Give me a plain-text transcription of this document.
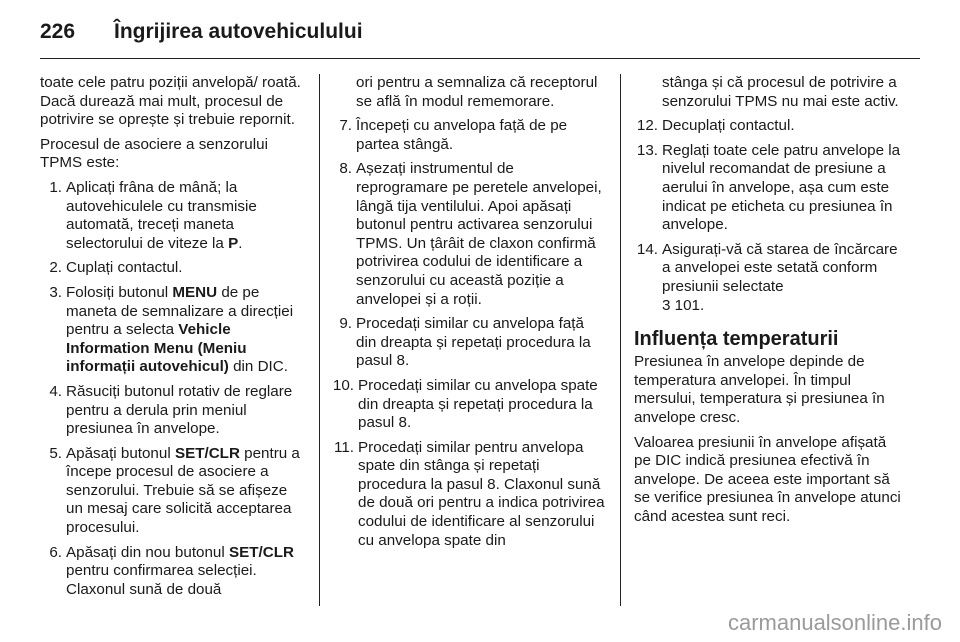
226 Îngrijirea autovehiculului

toate cele patru poziții anvelopă/ roată. Dacă durează mai mult, procesul de potrivire se oprește și trebuie repornit.

Procesul de asociere a senzorului TPMS este:

1. Aplicați frâna de mână; la autovehiculele cu transmisie automată, treceți maneta selectorului de viteze la P.
2. Cuplați contactul.
3. Folosiți butonul MENU de pe maneta de semnalizare a direcției pentru a selecta Vehicle Information Menu (Meniu informații autovehicul) din DIC.
4. Răsuciți butonul rotativ de reglare pentru a derula prin meniul presiunea în anvelope.
5. Apăsați butonul SET/CLR pentru a începe procesul de asociere a senzorului. Trebuie să se afișeze un mesaj care solicită acceptarea procesului.
6. Apăsați din nou butonul SET/CLR pentru confirmarea selecției. Claxonul sună de două

ori pentru a semnaliza că receptorul se află în modul rememorare.

7. Începeți cu anvelopa față de pe partea stângă.
8. Așezați instrumentul de reprogramare pe peretele anvelopei, lângă tija ventilului. Apoi apăsați butonul pentru activarea senzorului TPMS. Un țârâit de claxon confirmă potrivirea codului de identificare a senzorului cu această poziție a anvelopei și a roții.
9. Procedați similar cu anvelopa față din dreapta și repetați procedura la pasul 8.
10. Procedați similar cu anvelopa spate din dreapta și repetați procedura la pasul 8.
11. Procedați similar pentru anvelopa spate din stânga și repetați procedura la pasul 8. Claxonul sună de două ori pentru a indica potrivirea codului de identificare al senzorului cu anvelopa spate din

stânga și că procesul de potrivire a senzorului TPMS nu mai este activ.

12. Decuplați contactul.
13. Reglați toate cele patru anvelope la nivelul recomandat de presiune a aerului în anvelope, așa cum este indicat pe eticheta cu presiunea în anvelope.
14. Asigurați-vă că starea de încărcare a anvelopei este setată conform presiunii selectate
3 101.
Influența temperaturii

Presiunea în anvelope depinde de temperatura anvelopei. În timpul mersului, temperatura și presiunea în anvelope cresc.

Valoarea presiunii în anvelope afișată pe DIC indică presiunea efectivă în anvelope. De aceea este important să se verifice presiunea în anvelope atunci când acestea sunt reci.

carmanualsonline.info
